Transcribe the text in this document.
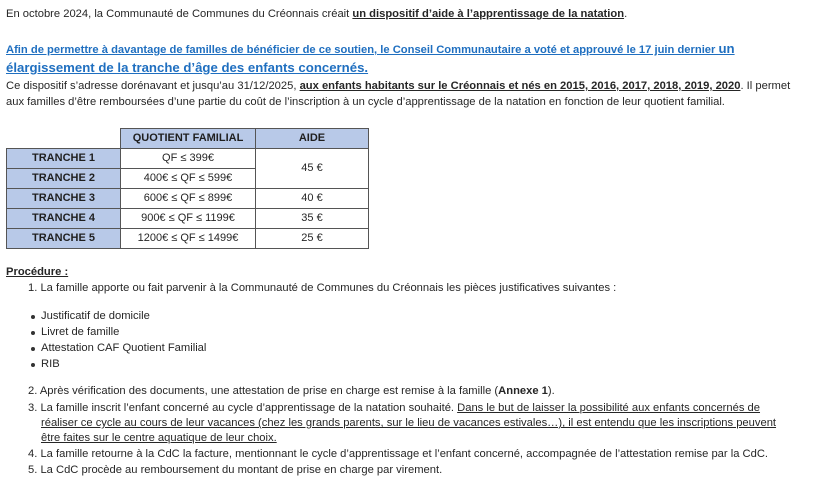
En octobre 2024, la Communauté de Communes du Créonnais créait un dispositif d’aide à l’apprentissage de la natation.
Afin de permettre à davantage de familles de bénéficier de ce soutien, le Conseil Communautaire a voté et approuvé le 17 juin dernier un
élargissement de la tranche d’âge des enfants concernés.
Ce dispositif s’adresse dorénavant et jusqu’au 31/12/2025, aux enfants habitants sur le Créonnais et nés en 2015, 2016, 2017, 2018, 2019, 2020. Il permet
aux familles d’être remboursées d’une partie du coût de l’inscription à un cycle d’apprentissage de la natation en fonction de leur quotient familial.
	QUOTIENT FAMILIAL	AIDE
TRANCHE 1	QF ≤ 399€	45 €
TRANCHE 2	400€ ≤ QF ≤ 599€	
TRANCHE 3	600€ ≤ QF ≤ 899€	40 €
TRANCHE 4	900€ ≤ QF ≤ 1199€	35 €
TRANCHE 5	1200€ ≤ QF ≤ 1499€	25 €
Procédure :
1. La famille apporte ou fait parvenir à la Communauté de Communes du Créonnais les pièces justificatives suivantes :
Justificatif de domicile
Livret de famille
Attestation CAF Quotient Familial
RIB
2. Après vérification des documents, une attestation de prise en charge est remise à la famille (Annexe 1).
3. La famille inscrit l’enfant concerné au cycle d’apprentissage de la natation souhaité. Dans le but de laisser la possibilité aux enfants concernés de
réaliser ce cycle au cours de leur vacances (chez les grands parents, sur le lieu de vacances estivales…), il est entendu que les inscriptions peuvent
être faites sur le centre aquatique de leur choix.
4. La famille retourne à la CdC la facture, mentionnant le cycle d’apprentissage et l’enfant concerné, accompagnée de l’attestation remise par la CdC.
5. La CdC procède au remboursement du montant de prise en charge par virement.
